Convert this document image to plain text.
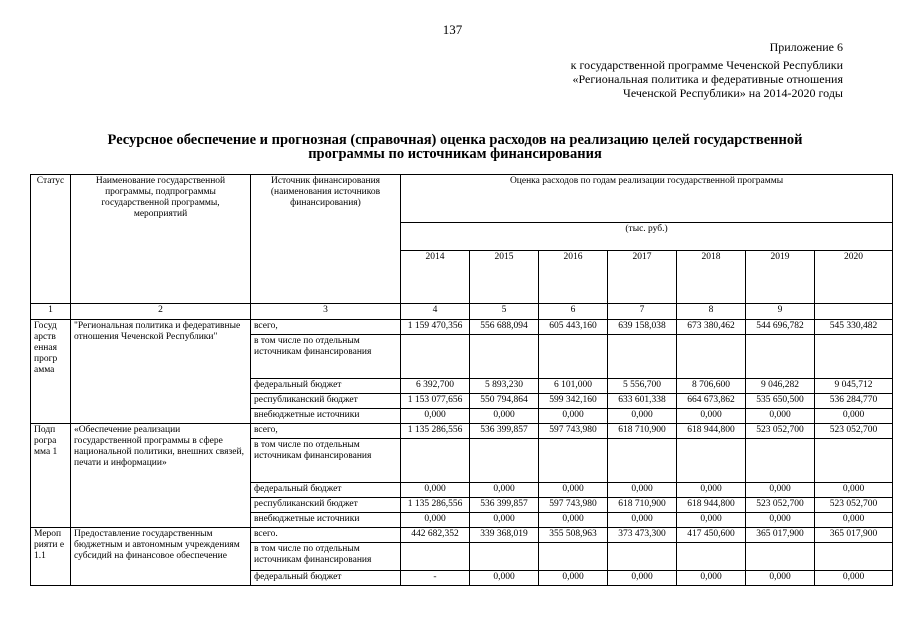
137
Приложение 6
к государственной программе Чеченской Республики
«Региональная политика и федеративные отношения
Чеченской Республики» на 2014-2020 годы
Ресурсное обеспечение и прогнозная (справочная) оценка расходов на реализацию целей государственной
программы по источникам финансирования
Статус	Наименование государственной программы, подпрограммы государственной программы, мероприятий	Источник финансирования (наименования источников финансирования)	Оценка расходов по годам реализации государственной программы						
			(тыс. руб.)						
			2014	2015	2016	2017	2018	2019	2020
1	2	3	4	5	6	7	8	9	
Госуд арств енная прогр амма	"Региональная политика и федеративные отношения Чеченской Республики"	всего,	1 159 470,356	556 688,094	605 443,160	639 158,038	673 380,462	544 696,782	545 330,482
		в том числе по отдельным источникам финансирования							
		федеральный бюджет	6 392,700	5 893,230	6 101,000	5 556,700	8 706,600	9 046,282	9 045,712
		республиканский бюджет	1 153 077,656	550 794,864	599 342,160	633 601,338	664 673,862	535 650,500	536 284,770
		внебюджетные источники	0,000	0,000	0,000	0,000	0,000	0,000	0,000
Подп рогра мма 1	«Обеспечение реализации государственной программы в сфере национальной политики, внешних связей, печати и информации»	всего,	1 135 286,556	536 399,857	597 743,980	618 710,900	618 944,800	523 052,700	523 052,700
		в том числе по отдельным источникам финансирования							
		федеральный бюджет	0,000	0,000	0,000	0,000	0,000	0,000	0,000
		республиканский бюджет	1 135 286,556	536 399,857	597 743,980	618 710,900	618 944,800	523 052,700	523 052,700
		внебюджетные источники	0,000	0,000	0,000	0,000	0,000	0,000	0,000
Мероп рияти е 1.1	Предоставление государственным бюджетным и автономным учреждениям субсидий на финансовое обеспечение	всего.	442 682,352	339 368,019	355 508,963	373 473,300	417 450,600	365 017,900	365 017,900
		в том числе по отдельным источникам финансирования							
		федеральный бюджет	-	0,000	0,000	0,000	0,000	0,000	0,000
